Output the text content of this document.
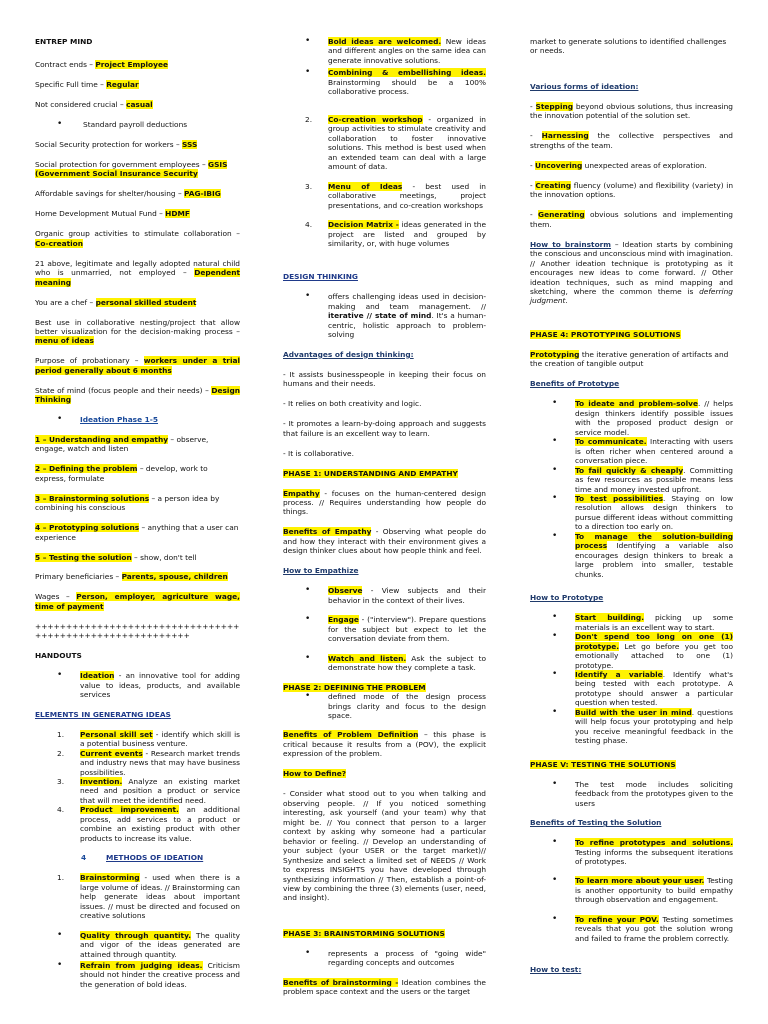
ENTREP MIND

Contract ends – Project Employee

Specific Full time – Regular

Not considered crucial – casual

• Standard payroll deductions

Social Security protection for workers – SSS

Social protection for government employees – GSIS (Government Social Insurance Security

Affordable savings for shelter/housing – PAG-IBIG

Home Development Mutual Fund – HDMF

Organic group activities to stimulate collaboration – Co-creation

21 above, legitimate and legally adopted natural child who is unmarried, not employed – Dependent meaning

You are a chef – personal skilled student

Best use in collaborative nesting/project that allow better visualization for the decision-making process – menu of ideas

Purpose of probationary – workers under a trial period generally about 6 months

State of mind (focus people and their needs) – Design Thinking

• Ideation Phase 1-5

1 – Understanding and empathy – observe, engage, watch and listen

2 – Defining the problem – develop, work to express, formulate

3 – Brainstorming solutions – a person idea by combining his conscious

4 – Prototyping solutions – anything that a user can experience

5 – Testing the solution – show, don't tell

Primary beneficiaries – Parents, spouse, children

Wages – Person, employer, agriculture wage, time of payment

++++++++++++++++++++++++++++++++++++++++++++++++++++++++++

HANDOUTS

• Ideation - an innovative tool for adding value to ideas, products, and available services

ELEMENTS IN GENERATNG IDEAS

1. Personal skill set - identify which skill is a potential business venture.
2. Current events - Research market trends and industry news that may have business possibilities.
3. Invention. Analyze an existing market need and position a product or service that will meet the identified need.
4. Product improvement. an additional process, add services to a product or combine an existing product with other products to increase its value.

4	METHODS OF IDEATION

1. Brainstorming - used when there is a large volume of ideas. // Brainstorming can help generate ideas about important issues. // must be directed and focused on creative solutions
• Quality through quantity. The quality and vigor of the ideas generated are attained through quantity.
• Refrain from judging ideas. Criticism should not hinder the creative process and the generation of bold ideas.
• Bold ideas are welcomed. New ideas and different angles on the same idea can generate innovative solutions.
• Combining & embellishing ideas. Brainstorming should be a 100% collaborative process.
2. Co-creation workshop - organized in group activities to stimulate creativity and collaboration to foster innovative solutions. This method is best used when an extended team can deal with a large amount of data.
3. Menu of Ideas - best used in collaborative meetings, project presentations, and co-creation workshops
4. Decision Matrix - ideas generated in the project are listed and grouped by similarity, or, with huge volumes

DESIGN THINKING

• offers challenging ideas used in decision-making and team management. // iterative // state of mind. It's a human-centric, holistic approach to problem-solving

Advantages of design thinking:

- It assists businesspeople in keeping their focus on humans and their needs.

- It relies on both creativity and logic.

- It promotes a learn-by-doing approach and suggests that failure is an excellent way to learn.

- It is collaborative.

PHASE 1: UNDERSTANDING AND EMPATHY

Empathy - focuses on the human-centered design process. // Requires understanding how people do things.

Benefits of Empathy - Observing what people do and how they interact with their environment gives a design thinker clues about how people think and feel.

How to Empathize

• Observe - View subjects and their behavior in the context of their lives.
• Engage - ("interview"). Prepare questions for the subject but expect to let the conversation deviate from them.
• Watch and listen. Ask the subject to demonstrate how they complete a task.

PHASE 2: DEFINING THE PROBLEM

• defined mode of the design process brings clarity and focus to the design space.

Benefits of Problem Definition – this phase is critical because it results from a (POV), the explicit expression of the problem.

How to Define?

- Consider what stood out to you when talking and observing people. // If you noticed something interesting, ask yourself (and your team) why that might be. // You connect that person to a larger context by asking why someone had a particular behavior or feeling. // Develop an understanding of your subject (your USER or the target market)// Synthesize and select a limited set of NEEDS // Work to express INSIGHTS you have developed through synthesizing information // Then, establish a point-of-view by combining the three (3) elements (user, need, and insight).

PHASE 3: BRAINSTORMING SOLUTIONS

• represents a process of "going wide" regarding concepts and outcomes

Benefits of brainstorming - Ideation combines the problem space context and the users or the target

market to generate solutions to identified challenges or needs.

Various forms of ideation:

- Stepping beyond obvious solutions, thus increasing the innovation potential of the solution set.

- Harnessing the collective perspectives and strengths of the team.

- Uncovering unexpected areas of exploration.

- Creating fluency (volume) and flexibility (variety) in the innovation options.

- Generating obvious solutions and implementing them.

How to brainstorm – Ideation starts by combining the conscious and unconscious mind with imagination. // Another ideation technique is prototyping as it encourages new ideas to come forward. // Other ideation techniques, such as mind mapping and sketching, where the common theme is deferring judgment.

PHASE 4: PROTOTYPING SOLUTIONS

Prototyping the iterative generation of artifacts and the creation of tangible output

Benefits of Prototype

• To ideate and problem-solve. // helps design thinkers identify possible issues with the proposed product design or service model.
• To communicate. Interacting with users is often richer when centered around a conversation piece.
• To fail quickly & cheaply. Committing as few resources as possible means less time and money invested upfront.
• To test possibilities. Staying on low resolution allows design thinkers to pursue different ideas without committing to a direction too early on.
• To manage the solution-building process Identifying a variable also encourages design thinkers to break a large problem into smaller, testable chunks.

How to Prototype

• Start building. picking up some materials is an excellent way to start.
• Don't spend too long on one (1) prototype. Let go before you get too emotionally attached to one (1) prototype.
• Identify a variable. Identify what's being tested with each prototype. A prototype should answer a particular question when tested.
• Build with the user in mind. questions will help focus your prototyping and help you receive meaningful feedback in the testing phase.

PHASE V: TESTING THE SOLUTIONS

• The test mode includes soliciting feedback from the prototypes given to the users

Benefits of Testing the Solution

• To refine prototypes and solutions. Testing informs the subsequent iterations of prototypes.
• To learn more about your user. Testing is another opportunity to build empathy through observation and engagement.
• To refine your POV. Testing sometimes reveals that you got the solution wrong and failed to frame the problem correctly.

How to test:
